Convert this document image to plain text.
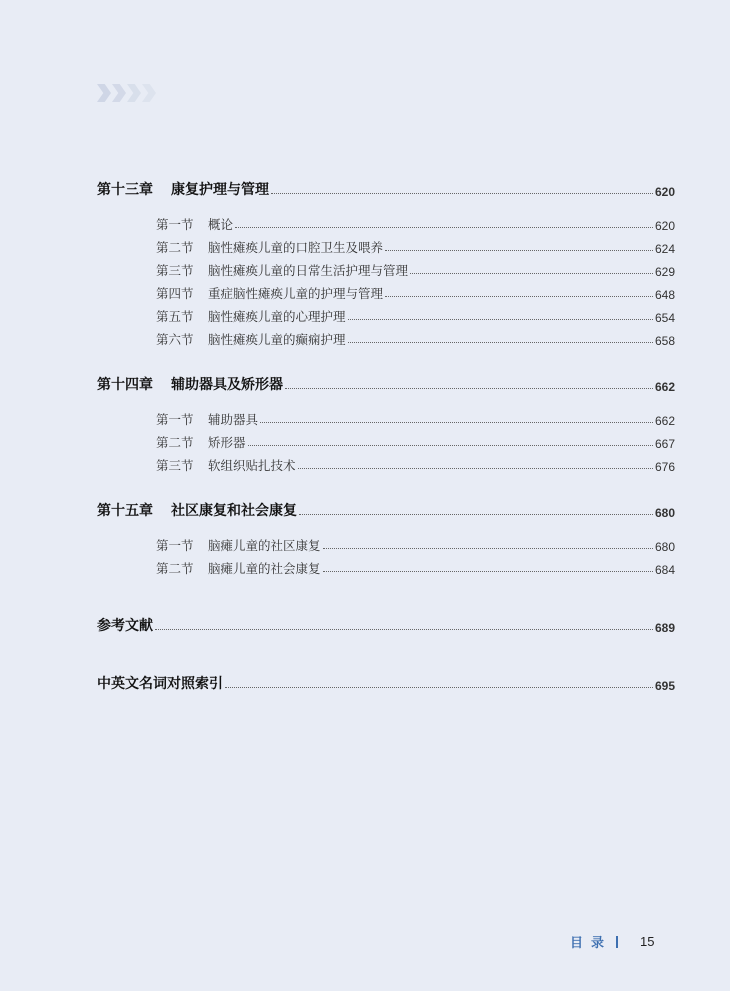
第十三章 康复护理与管理	620
第一节 概论	620
第二节 脑性瘫痪儿童的口腔卫生及喂养	624
第三节 脑性瘫痪儿童的日常生活护理与管理	629
第四节 重症脑性瘫痪儿童的护理与管理	648
第五节 脑性瘫痪儿童的心理护理	654
第六节 脑性瘫痪儿童的癫痫护理	658
第十四章 辅助器具及矫形器	662
第一节 辅助器具	662
第二节 矫形器	667
第三节 软组织贴扎技术	676
第十五章 社区康复和社会康复	680
第一节 脑瘫儿童的社区康复	680
第二节 脑瘫儿童的社会康复	684
参考文献	689
中英文名词对照索引	695
目录 15
